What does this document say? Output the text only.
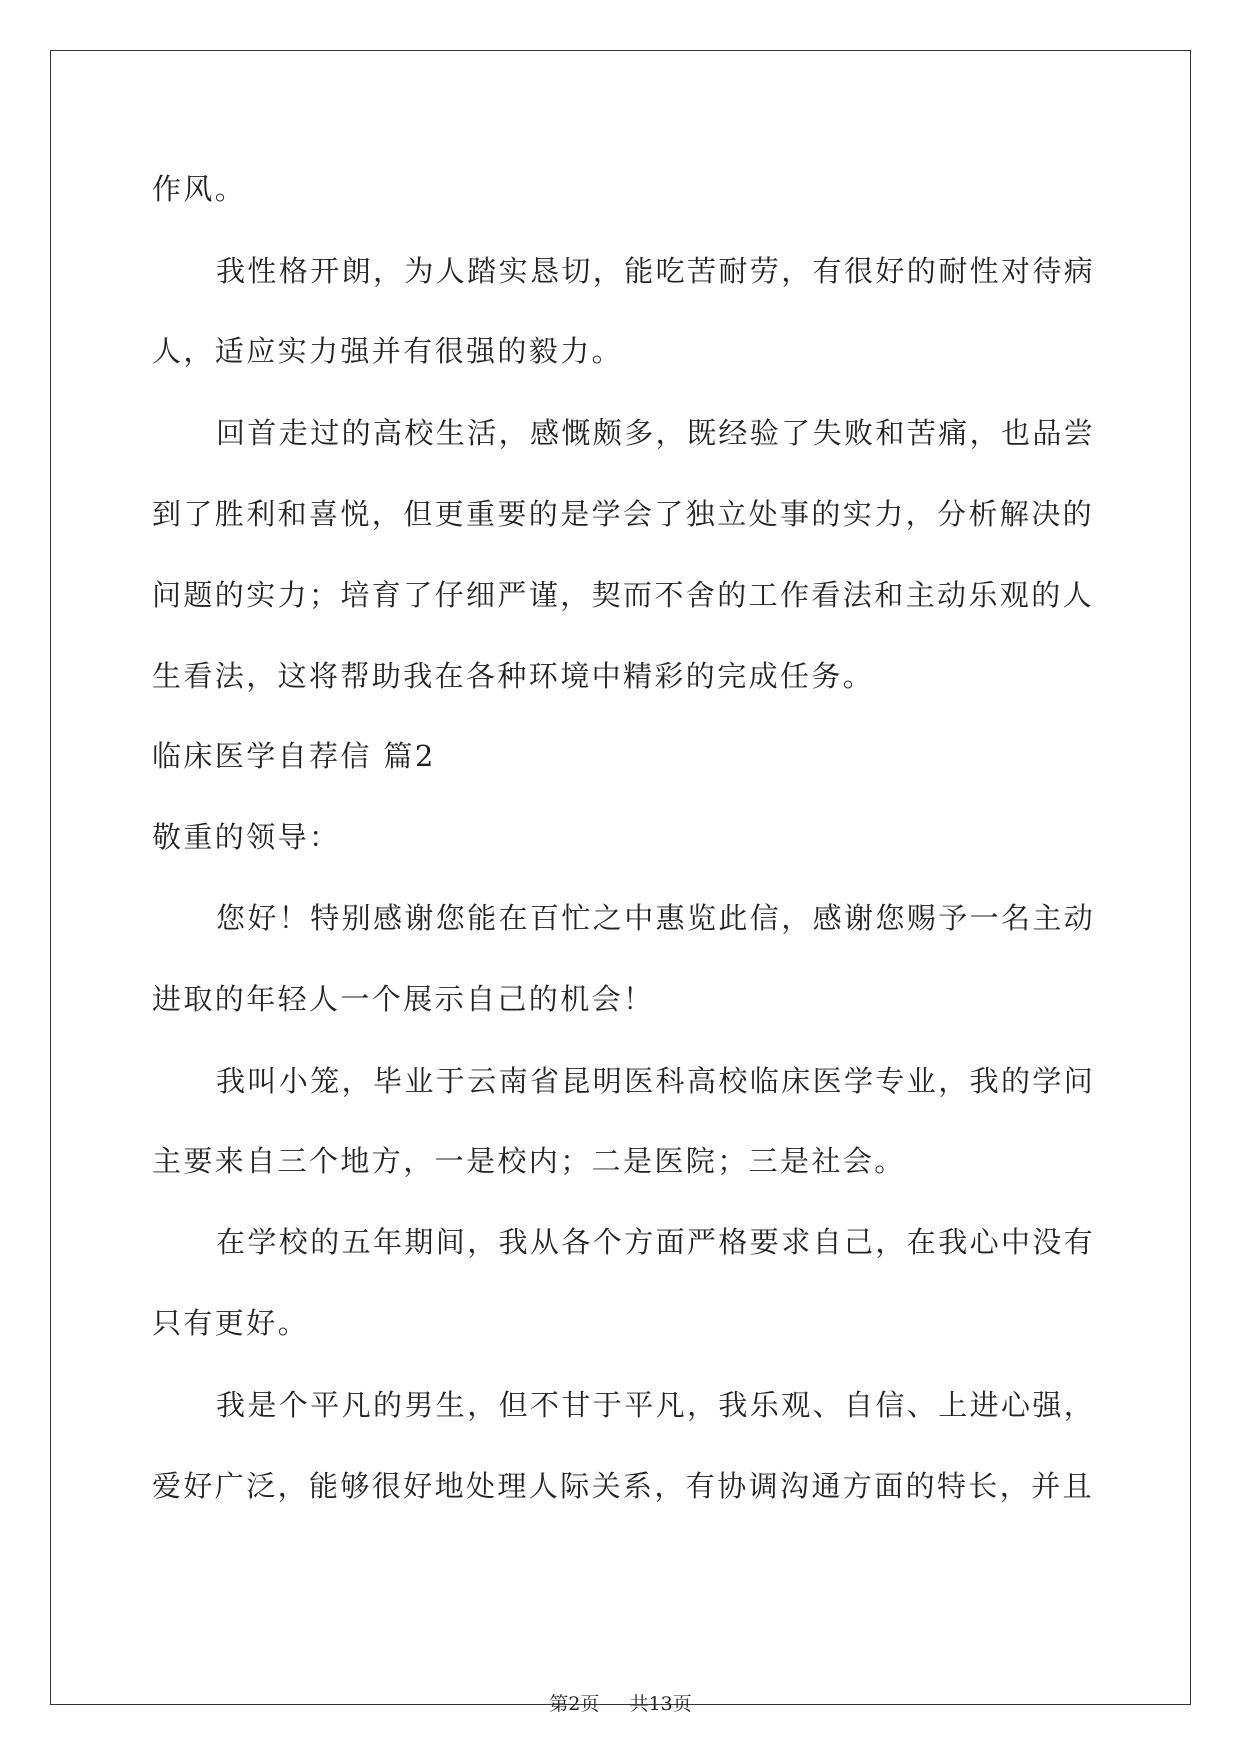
作风。
我性格开朗，为人踏实恳切，能吃苦耐劳，有很好的耐性对待病
人，适应实力强并有很强的毅力。
回首走过的高校生活，感慨颇多，既经验了失败和苦痛，也品尝
到了胜利和喜悦，但更重要的是学会了独立处事的实力，分析解决的
问题的实力；培育了仔细严谨，契而不舍的工作看法和主动乐观的人
生看法，这将帮助我在各种环境中精彩的完成任务。
临床医学自荐信 篇2
敬重的领导：
您好！特别感谢您能在百忙之中惠览此信，感谢您赐予一名主动
进取的年轻人一个展示自己的机会！
我叫小笼，毕业于云南省昆明医科高校临床医学专业，我的学问
主要来自三个地方，一是校内；二是医院；三是社会。
在学校的五年期间，我从各个方面严格要求自己，在我心中没有
只有更好。
我是个平凡的男生，但不甘于平凡，我乐观、自信、上进心强，
爱好广泛，能够很好地处理人际关系，有协调沟通方面的特长，并且
第2页 共13页
